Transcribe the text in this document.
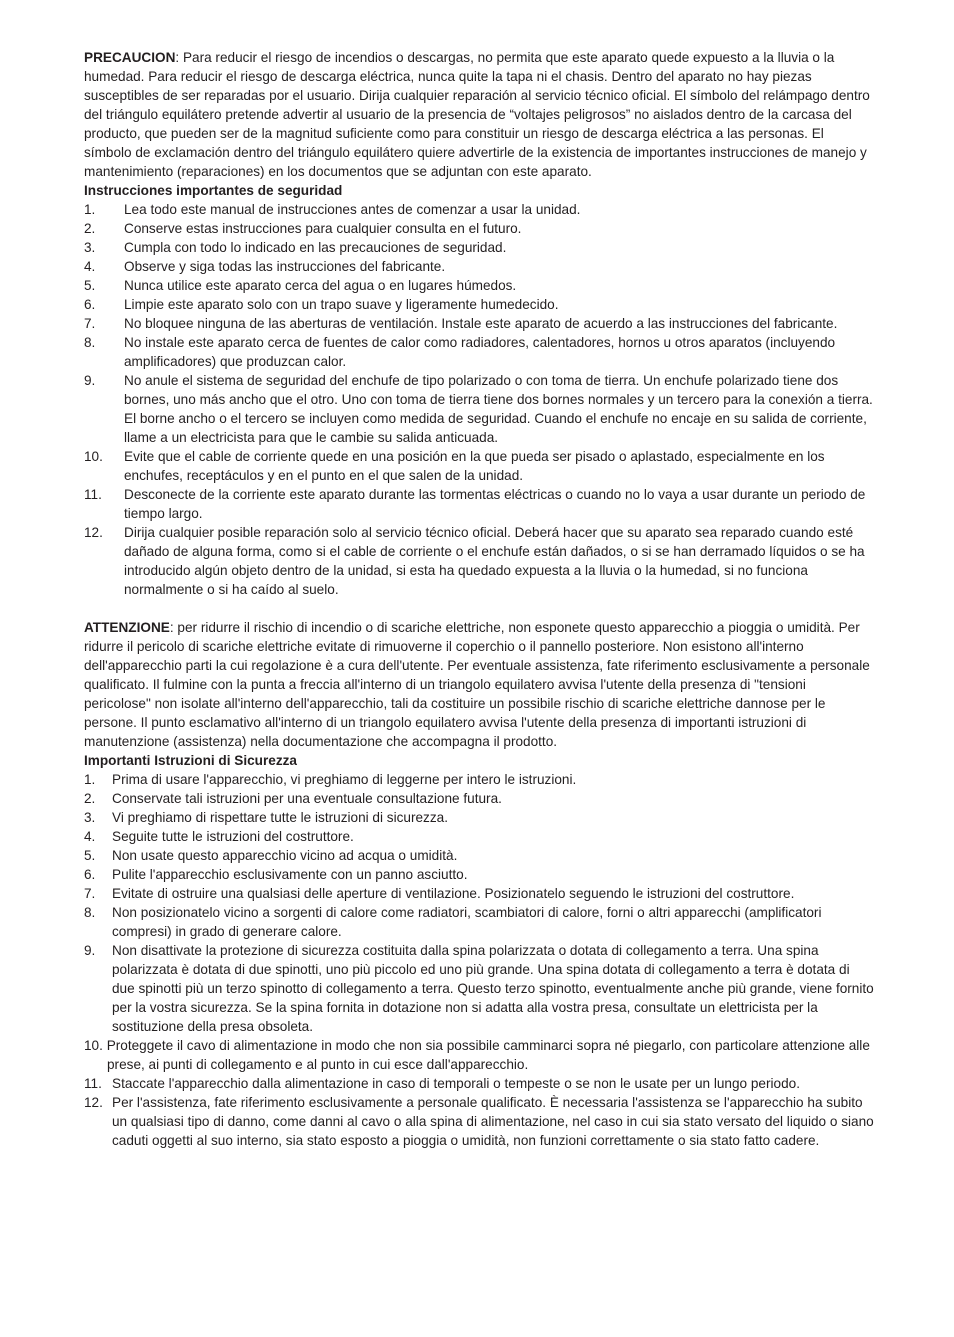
PRECAUCION: Para reducir el riesgo de incendios o descargas, no permita que este aparato quede expuesto a la lluvia o la humedad. Para reducir el riesgo de descarga eléctrica, nunca quite la tapa ni el chasis. Dentro del aparato no hay piezas susceptibles de ser reparadas por el usuario. Dirija cualquier reparación al servicio técnico oficial. El símbolo del relámpago dentro del triángulo equilátero pretende advertir al usuario de la presencia de “voltajes peligrosos” no aislados dentro de la carcasa del producto, que pueden ser de la magnitud suficiente como para constituir un riesgo de descarga eléctrica a las personas. El símbolo de exclamación dentro del triángulo equilátero quiere advertirle de la existencia de importantes instrucciones de manejo y mantenimiento (reparaciones) en los documentos que se adjuntan con este aparato.

Instrucciones importantes de seguridad

1.	Lea todo este manual de instrucciones antes de comenzar a usar la unidad.
2.	Conserve estas instrucciones para cualquier consulta en el futuro.
3.	Cumpla con todo lo indicado en las precauciones de seguridad.
4.	Observe y siga todas las instrucciones del fabricante.
5.	Nunca utilice este aparato cerca del agua o en lugares húmedos.
6.	Limpie este aparato solo con un trapo suave y ligeramente humedecido.
7.	No bloquee ninguna de las aberturas de ventilación. Instale este aparato de acuerdo a las instrucciones del fabricante.
8.	No instale este aparato cerca de fuentes de calor como radiadores, calentadores, hornos u otros aparatos (incluyendo amplificadores) que produzcan calor.
9.	No anule el sistema de seguridad del enchufe de tipo polarizado o con toma de tierra. Un enchufe polarizado tiene dos bornes, uno más ancho que el otro. Uno con toma de tierra tiene dos bornes normales y un tercero para la conexión a tierra. El borne ancho o el tercero se incluyen como medida de seguridad. Cuando el enchufe no encaje en su salida de corriente, llame a un electricista para que le cambie su salida anticuada.
10.	Evite que el cable de corriente quede en una posición en la que pueda ser pisado o aplastado, especialmente en los enchufes, receptáculos y en el punto en el que salen de la unidad.
11.	Desconecte de la corriente este aparato durante las tormentas eléctricas o cuando no lo vaya a usar durante un periodo de tiempo largo.
12.	Dirija cualquier posible reparación solo al servicio técnico oficial. Deberá hacer que su aparato sea reparado cuando esté dañado de alguna forma, como si el cable de corriente o el enchufe están dañados, o si se han derramado líquidos o se ha introducido algún objeto dentro de la unidad, si esta ha quedado expuesta a la lluvia o la humedad, si no funciona normalmente o si ha caído al suelo.

ATTENZIONE: per ridurre il rischio di incendio o di scariche elettriche, non esponete questo apparecchio a pioggia o umidità. Per ridurre il pericolo di scariche elettriche evitate di rimuoverne il coperchio o il pannello posteriore. Non esistono all'interno dell'apparecchio parti la cui regolazione è a cura dell'utente. Per eventuale assistenza, fate riferimento esclusivamente a personale qualificato. Il fulmine con la punta a freccia all'interno di un triangolo equilatero avvisa l'utente della presenza di "tensioni pericolose" non isolate all'interno dell'apparecchio, tali da costituire un possibile rischio di scariche elettriche dannose per le persone. Il punto esclamativo all'interno di un triangolo equilatero avvisa l'utente della presenza di importanti istruzioni di manutenzione (assistenza) nella documentazione che accompagna il prodotto.

Importanti Istruzioni di Sicurezza

1.	Prima di usare l'apparecchio, vi preghiamo di leggerne per intero le istruzioni.
2.	Conservate tali istruzioni per una eventuale consultazione futura.
3.	Vi preghiamo di rispettare tutte le istruzioni di sicurezza.
4.	Seguite tutte le istruzioni del costruttore.
5.	Non usate questo apparecchio vicino ad acqua o umidità.
6.	Pulite l'apparecchio esclusivamente con un panno asciutto.
7.	Evitate di ostruire una qualsiasi delle aperture di ventilazione. Posizionatelo seguendo le istruzioni del costruttore.
8.	Non posizionatelo vicino a sorgenti di calore come radiatori, scambiatori di calore, forni o altri apparecchi (amplificatori compresi) in grado di generare calore.
9.	Non disattivate la protezione di sicurezza costituita dalla spina polarizzata o dotata di collegamento a terra. Una spina polarizzata è dotata di due spinotti, uno più piccolo ed uno più grande. Una spina dotata di collegamento a terra è dotata di due spinotti più un terzo spinotto di collegamento a terra. Questo terzo spinotto, eventualmente anche più grande, viene fornito per la vostra sicurezza. Se la spina fornita in dotazione non si adatta alla vostra presa, consultate un elettricista per la sostituzione della presa obsoleta.
10. Proteggete il cavo di alimentazione in modo che non sia possibile camminarci sopra né piegarlo, con particolare attenzione alle prese, ai punti di collegamento e al punto in cui esce dall'apparecchio.
11. Staccate l'apparecchio dalla alimentazione in caso di temporali o tempeste o se non le usate per un lungo periodo.
12. Per l'assistenza, fate riferimento esclusivamente a personale qualificato. È necessaria l'assistenza se l'apparecchio ha subito un qualsiasi tipo di danno, come danni al cavo o alla spina di alimentazione, nel caso in cui sia stato versato del liquido o siano caduti oggetti al suo interno, sia stato esposto a pioggia o umidità, non funzioni correttamente o sia stato fatto cadere.
